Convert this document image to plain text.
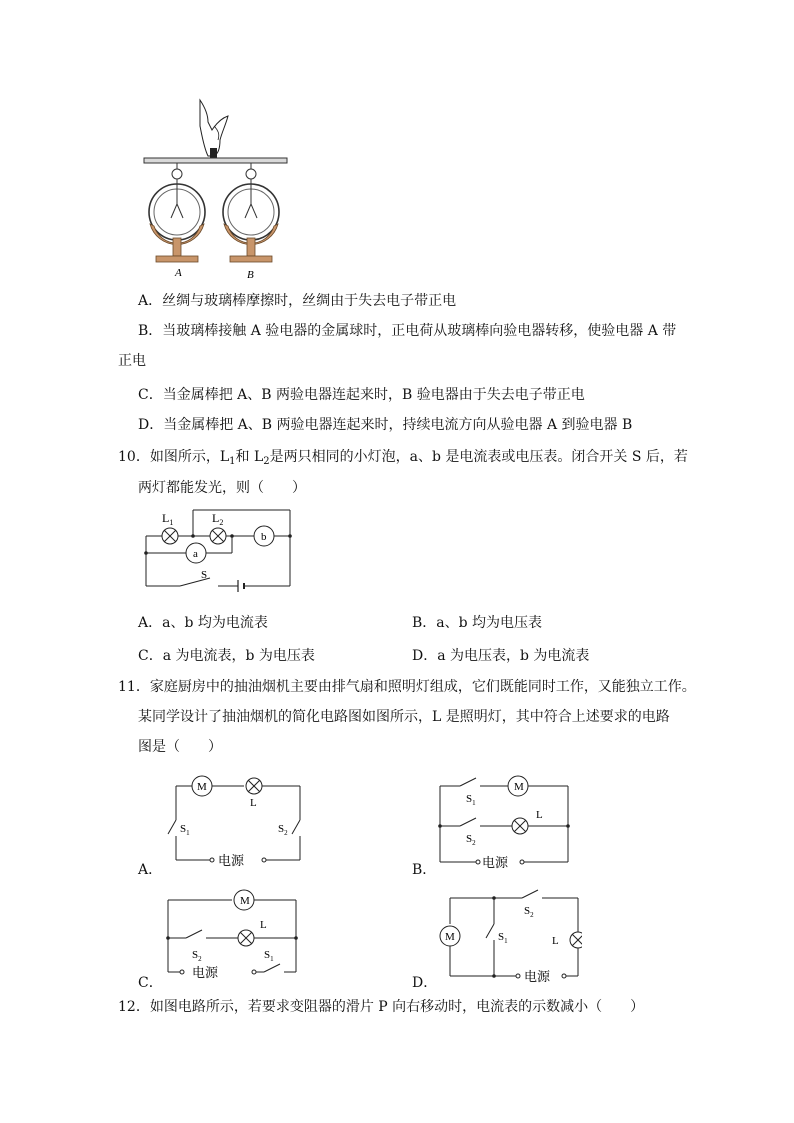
A	B
A．丝绸与玻璃棒摩擦时，丝绸由于失去电子带正电
B．当玻璃棒接触 A 验电器的金属球时，正电荷从玻璃棒向验电器转移，使验电器 A 带
正电
C．当金属棒把 A、B 两验电器连起来时，B 验电器由于失去电子带正电
D．当金属棒把 A、B 两验电器连起来时，持续电流方向从验电器 A 到验电器 B
10．如图所示，$L_1$和 $L_2$是两只相同的小灯泡，a、b 是电流表或电压表。闭合开关 S 后，若
两灯都能发光，则（　　）
$L_1$	$L_2$
b
a
S
A．a、b 均为电流表	B．a、b 均为电压表
C．a 为电流表，b 为电压表	D．a 为电压表，b 为电流表
11．家庭厨房中的抽油烟机主要由排气扇和照明灯组成，它们既能同时工作，又能独立工作。
某同学设计了抽油烟机的简化电路图如图所示，L 是照明灯，其中符合上述要求的电路
图是（　　）
A．
M
L
$S_1$	$S_2$
电源
B．
M
L
$S_1$
$S_2$
电源
C．
M
L
$S_2$	$S_1$
电源
D．
M	L
$S_2$
$S_1$
电源
12．如图电路所示，若要求变阻器的滑片 P 向右移动时，电流表的示数减小（　　）
